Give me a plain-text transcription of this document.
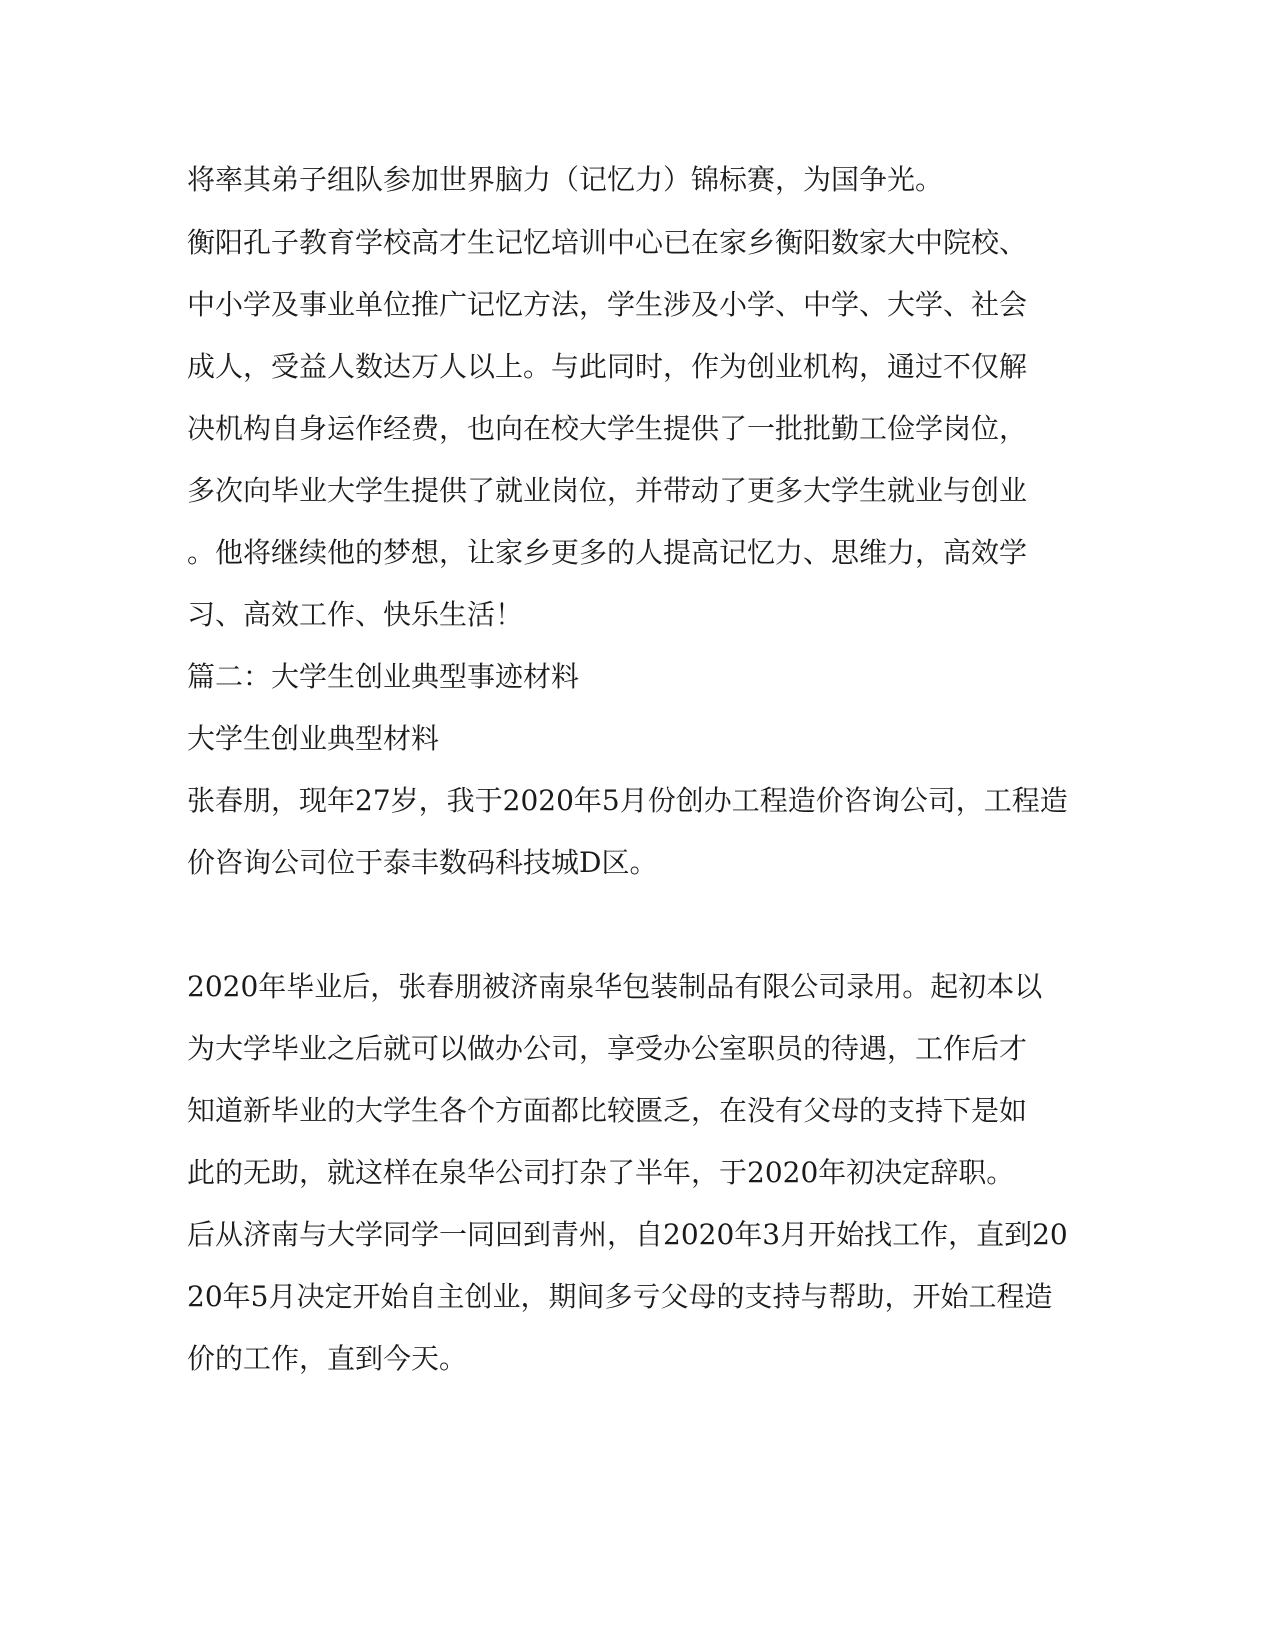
将率其弟子组队参加世界脑力（记忆力）锦标赛，为国争光。
衡阳孔子教育学校高才生记忆培训中心已在家乡衡阳数家大中院校、
中小学及事业单位推广记忆方法，学生涉及小学、中学、大学、社会
成人，受益人数达万人以上。与此同时，作为创业机构，通过不仅解
决机构自身运作经费，也向在校大学生提供了一批批勤工俭学岗位，
多次向毕业大学生提供了就业岗位，并带动了更多大学生就业与创业
。他将继续他的梦想，让家乡更多的人提高记忆力、思维力，高效学
习、高效工作、快乐生活！
篇二：大学生创业典型事迹材料
大学生创业典型材料
张春朋，现年27岁，我于2020年5月份创办工程造价咨询公司，工程造
价咨询公司位于泰丰数码科技城D区。
2020年毕业后，张春朋被济南泉华包装制品有限公司录用。起初本以
为大学毕业之后就可以做办公司，享受办公室职员的待遇，工作后才
知道新毕业的大学生各个方面都比较匮乏，在没有父母的支持下是如
此的无助，就这样在泉华公司打杂了半年，于2020年初决定辞职。
后从济南与大学同学一同回到青州，自2020年3月开始找工作，直到20
20年5月决定开始自主创业，期间多亏父母的支持与帮助，开始工程造
价的工作，直到今天。
